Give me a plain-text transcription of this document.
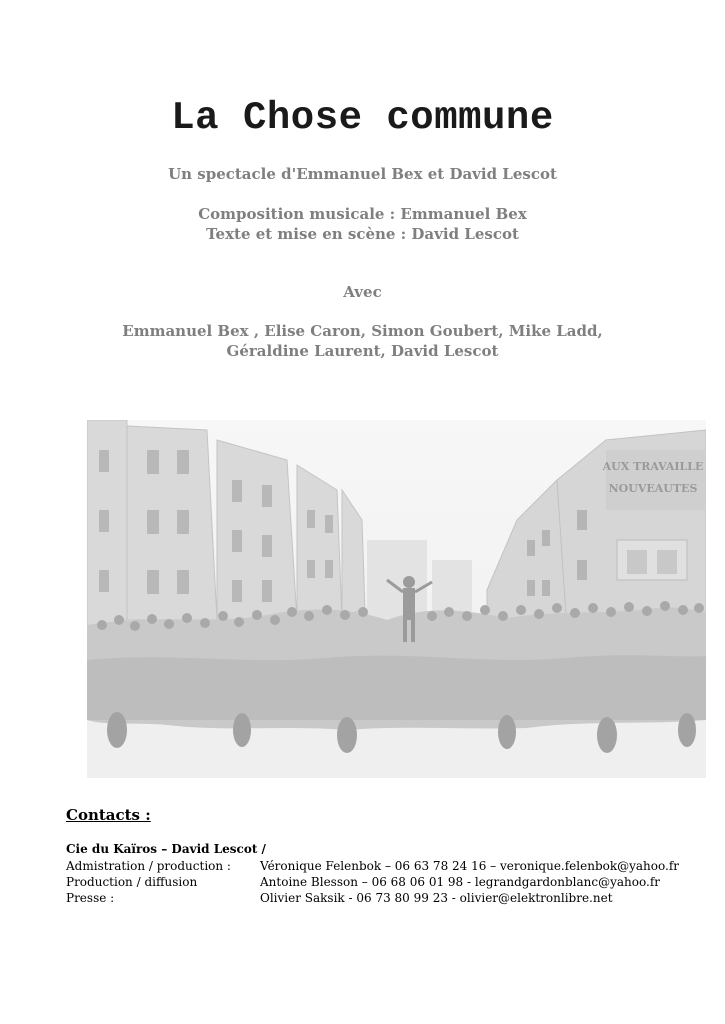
La Chose commune
Un spectacle d'Emmanuel Bex et David Lescot
Composition musicale : Emmanuel Bex
Texte et mise en scène : David Lescot
Avec
Emmanuel Bex , Elise Caron, Simon Goubert, Mike Ladd,
Géraldine Laurent, David Lescot
AUX TRAVAILLE
NOUVEAUTES
Contacts :
Cie du Kaïros – David Lescot /
Admistration / production : Véronique Felenbok – 06 63 78 24 16 – veronique.felenbok@yahoo.fr
Production / diffusion	Antoine Blesson – 06 68 06 01 98 - legrandgardonblanc@yahoo.fr
Presse :	Olivier Saksik - 06 73 80 99 23 - olivier@elektronlibre.net
